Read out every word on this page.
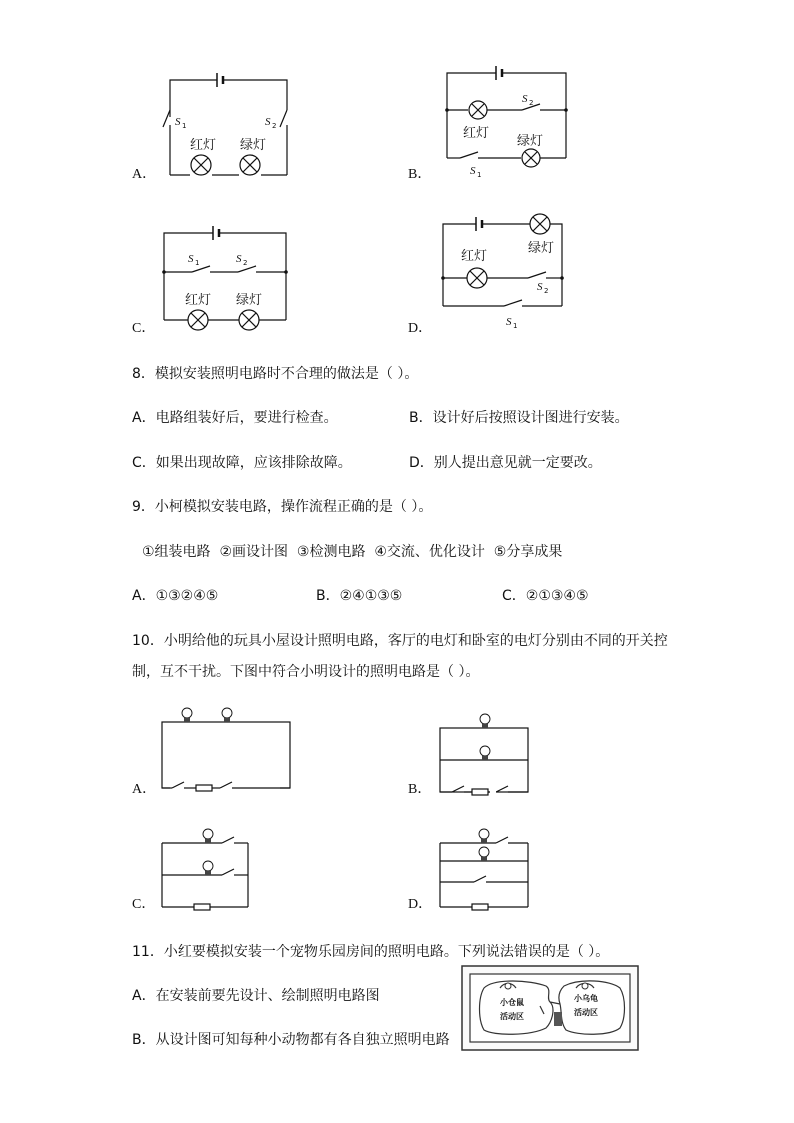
S 1	S 2
红灯 绿灯
A．
S 2
红灯
绿灯
S 1
B．
S 1	S 2
红灯 绿灯
C．
绿灯
红灯
S 2
S 1
D．
8．模拟安装照明电路时不合理的做法是（ ）。
A．电路组装好后，要进行检查。	B．设计好后按照设计图进行安装。
C．如果出现故障，应该排除故障。	D．别人提出意见就一定要改。
9．小柯模拟安装电路，操作流程正确的是（ ）。
①组装电路  ②画设计图  ③检测电路  ④交流、优化设计  ⑤分享成果
A．①③②④⑤	B．②④①③⑤	C．②①③④⑤
10．小明给他的玩具小屋设计照明电路，客厅的电灯和卧室的电灯分别由不同的开关控
制，互不干扰。下图中符合小明设计的照明电路是（ ）。
A．	B．
C．	D．
11．小红要模拟安装一个宠物乐园房间的照明电路。下列说法错误的是（ ）。
A．在安装前要先设计、绘制照明电路图
B．从设计图可知每种小动物都有各自独立照明电路
小仓鼠
活动区
小乌龟
活动区
